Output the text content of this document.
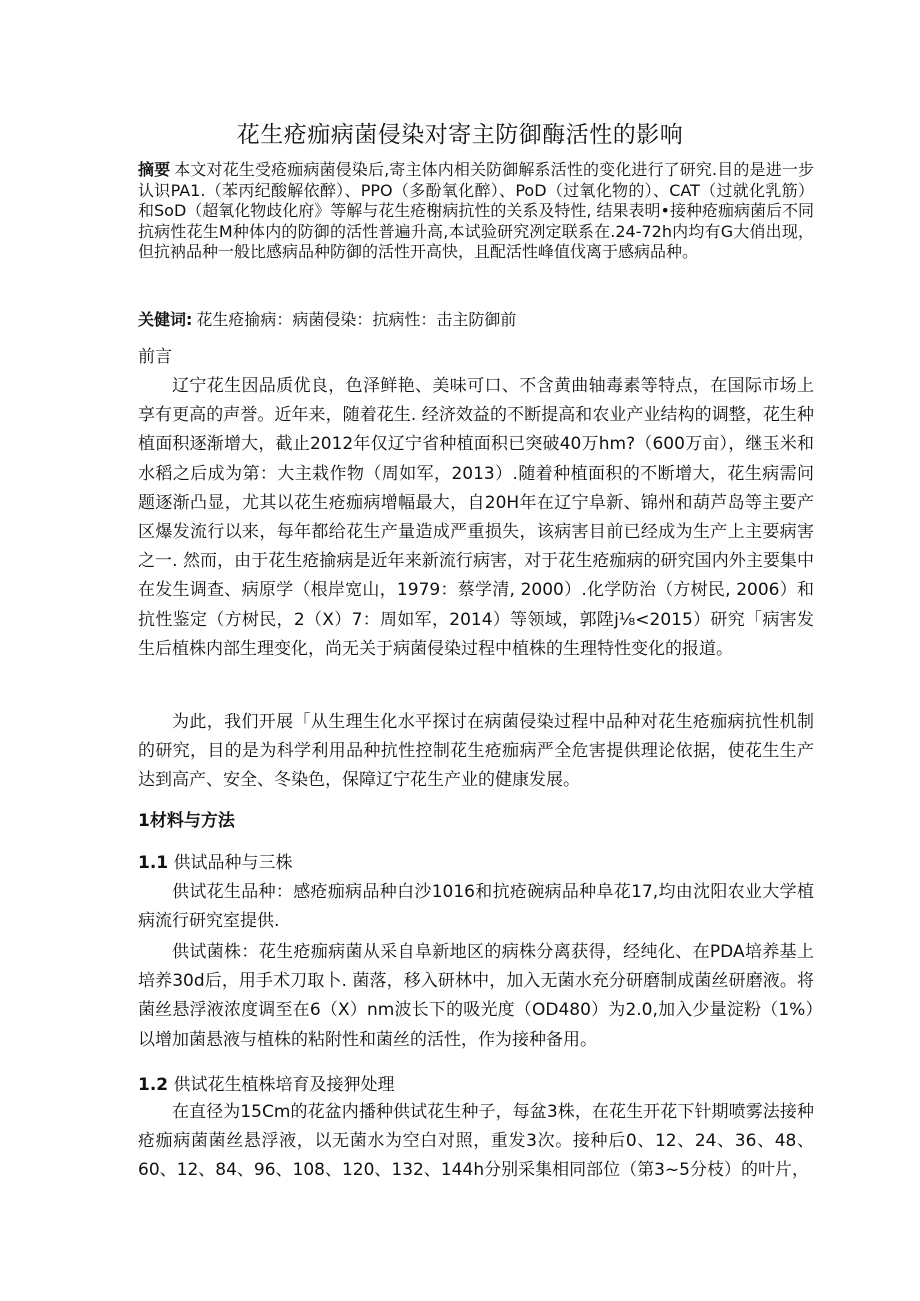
花生疮痂病菌侵染对寄主防御酶活性的影响
摘要 本文对花生受疮痂病菌侵染后,寄主体内相关防御解系活性的变化进行了研究.目的是进一步认识PA1.（苯丙纪酸解依醉）、PPO（多酚氧化醉）、PoD（过氧化物的）、CAT（过就化乳筋）和SoD（超氧化物歧化府》等解与花生疮榭病抗性的关系及特性, 结果表明•接种疮痂病菌后不同抗病性花生M种体内的防御的活性普遍升高,本试验研究冽定联系在.24-72h内均有G大俏出现，但抗衲品种一般比感病品种防御的活性开高快，且配活性峰值伐离于感病品种。
关健词: 花生疮揄病：病菌侵染：抗病性：击主防御前
前言
辽宁花生因品质优良，色泽鲜艳、美味可口、不含黄曲轴毒素等特点，在国际市场上享有更高的声誉。近年来，随着花生. 经济效益的不断提高和农业产业结构的调整，花生种植面积逐渐增大，截止2012年仅辽宁省种植面积已突破40万hm?（600万亩），继玉米和水稻之后成为第：大主栽作物（周如军，2013）.随着种植面积的不断增大，花生病需问题逐渐凸显，尤其以花生疮痂病增幅最大，自20H年在辽宁阜新、锦州和葫芦岛等主要产区爆发流行以来，每年都给花生产量造成严重损失，该病害目前已经成为生产上主要病害之一. 然而，由于花生疮揄病是近年来新流行病害，对于花生疮痂病的研究国内外主要集中在发生调查、病原学（根岸宽山，1979：蔡学清, 2000）.化学防治（方树民, 2006）和抗性鉴定（方树民，2（X）7：周如军，2014）等领域，郭陞j⅛<2015）研究「病害发生后植株内部生理变化，尚无关于病菌侵染过程中植株的生理特性变化的报道。
为此，我们开展「从生理生化水平探讨在病菌侵染过程中品种对花生疮痂病抗性机制的研究，目的是为科学利用品种抗性控制花生疮痂病严全危害提供理论依据，使花生生产达到高产、安全、冬染色，保障辽宁花生产业的健康发展。
1材料与方法
1.1 供试品种与三株
供试花生品种：感疮痂病品种白沙1016和抗疮碗病品种阜花17,均由沈阳农业大学植病流行研究室提供.
供试菌株：花生疮痂病菌从采自阜新地区的病株分离获得，经纯化、在PDA培养基上培养30d后，用手术刀取卜. 菌落，移入研林中，加入无菌水充分研磨制成菌丝研磨液。将菌丝悬浮液浓度调至在6（X）nm波长下的吸光度（OD480）为2.0,加入少量淀粉（1%）以增加菌悬液与植株的粘附性和菌丝的活性，作为接种备用。
1.2 供试花生植株培育及接狎处理
在直径为15Cm的花盆内播种供试花生种子，每盆3株，在花生开花下针期喷雾法接种疮痂病菌菌丝悬浮液，以无菌水为空白对照，重发3次。接种后0、12、24、36、48、60、12、84、96、108、120、132、144h分别采集相同部位（第3~5分枝）的叶片，
